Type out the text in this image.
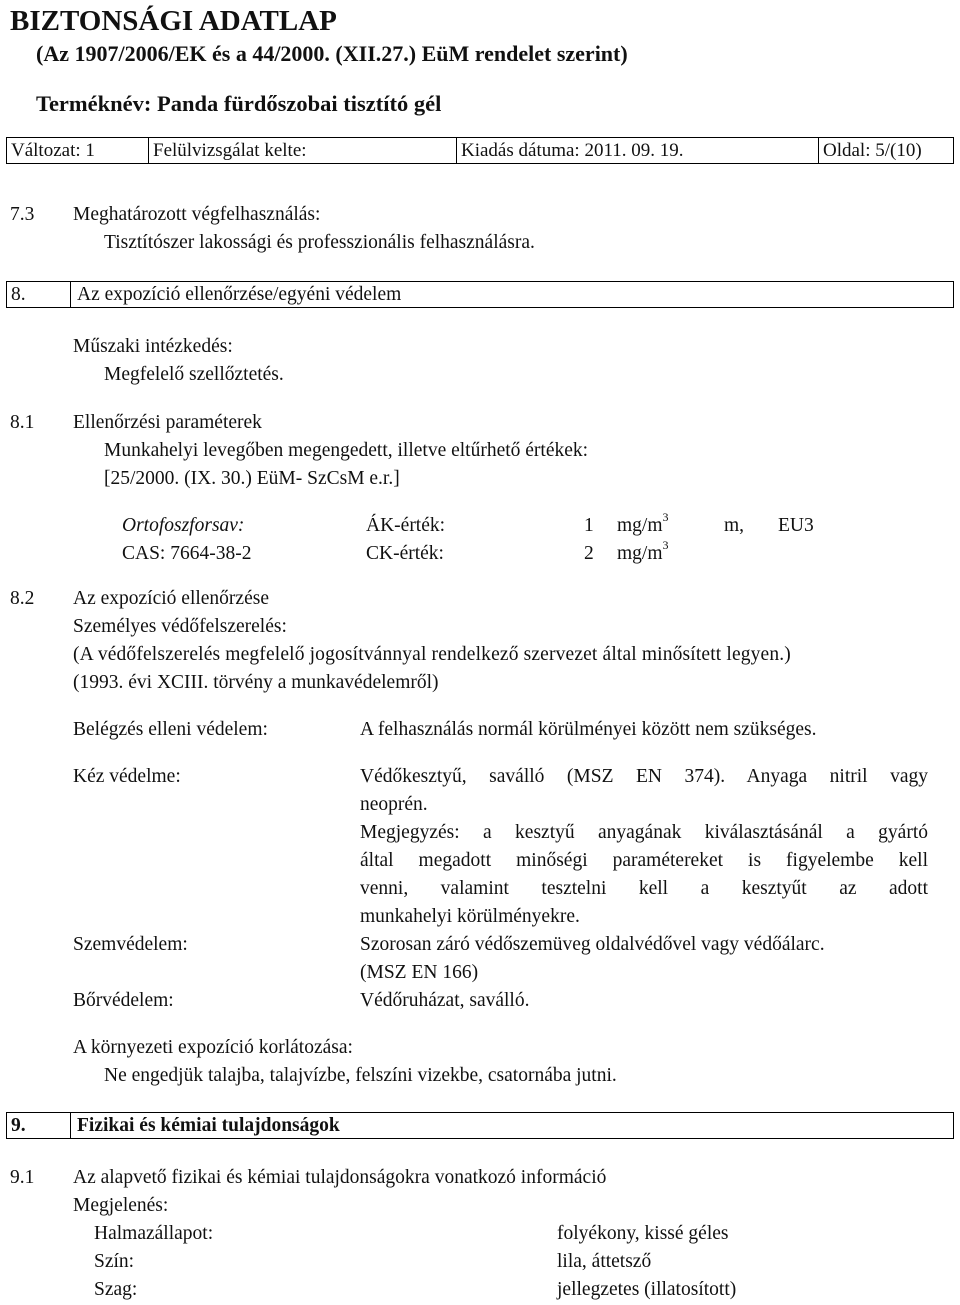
BIZTONSÁGI ADATLAP
(Az 1907/2006/EK és a 44/2000. (XII.27.) EüM rendelet szerint)
Terméknév: Panda fürdőszobai tisztító gél
Változat: 1	Felülvizsgálat kelte:	Kiadás dátuma: 2011. 09. 19.	Oldal: 5/(10)
7.3 Meghatározott végfelhasználás:
Tisztítószer lakossági és professzionális felhasználásra.
8.	Az expozíció ellenőrzése/egyéni védelem
Műszaki intézkedés:
Megfelelő szellőztetés.
8.1 Ellenőrzési paraméterek
Munkahelyi levegőben megengedett, illetve eltűrhető értékek:
[25/2000. (IX. 30.) EüM- SzCsM e.r.]
Ortofoszforsav:	ÁK-érték:	1 $mg/m^3$	m, EU3
CAS: 7664-38-2	CK-érték:	2 $mg/m^3$
8.2 Az expozíció ellenőrzése
Személyes védőfelszerelés:
(A védőfelszerelés megfelelő jogosítvánnyal rendelkező szervezet által minősített legyen.)
(1993. évi XCIII. törvény a munkavédelemről)
Belégzés elleni védelem:	A felhasználás normál körülményei között nem szükséges.
Kéz védelme:	Védőkesztyű, saválló (MSZ EN 374). Anyaga nitril vagy
neoprén.
Megjegyzés: a kesztyű anyagának kiválasztásánál a gyártó
által megadott minőségi paramétereket is figyelembe kell
venni, valamint tesztelni kell a kesztyűt az adott
munkahelyi körülményekre.
Szemvédelem:	Szorosan záró védőszemüveg oldalvédővel vagy védőálarc.
(MSZ EN 166)
Bőrvédelem:	Védőruházat, saválló.
A környezeti expozíció korlátozása:
Ne engedjük talajba, talajvízbe, felszíni vizekbe, csatornába jutni.
9.	Fizikai és kémiai tulajdonságok
9.1 Az alapvető fizikai és kémiai tulajdonságokra vonatkozó információ
Megjelenés:
Halmazállapot:	folyékony, kissé géles
Szín:	lila, áttetsző
Szag:	jellegzetes (illatosított)
